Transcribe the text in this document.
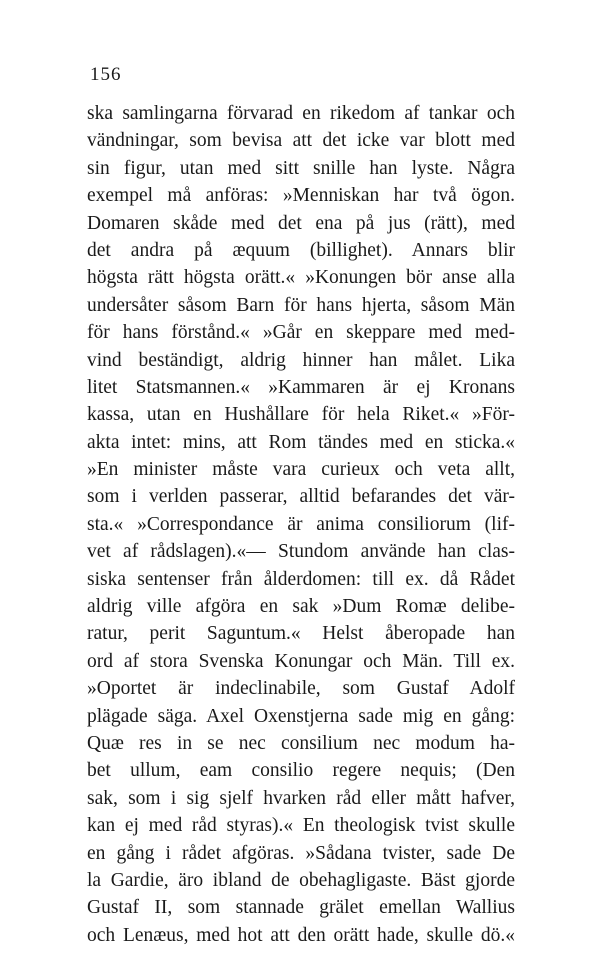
156
ska samlingarna förvarad en rikedom af tankar och
vändningar, som bevisa att det icke var blott med
sin figur, utan med sitt snille han lyste. Några
exempel må anföras: »Menniskan har två ögon.
Domaren skåde med det ena på jus (rätt), med
det andra på æquum (billighet). Annars blir
högsta rätt högsta orätt.« »Konungen bör anse alla
undersåter såsom Barn för hans hjerta, såsom Män
för hans förstånd.« »Går en skeppare med med-
vind beständigt, aldrig hinner han målet. Lika
litet Statsmannen.« »Kammaren är ej Kronans
kassa, utan en Hushållare för hela Riket.« »För-
akta intet: mins, att Rom tändes med en sticka.«
»En minister måste vara curieux och veta allt,
som i verlden passerar, alltid befarandes det vär-
sta.« »Correspondance är anima consiliorum (lif-
vet af rådslagen).«— Stundom använde han clas-
siska sentenser från ålderdomen: till ex. då Rådet
aldrig ville afgöra en sak »Dum Romæ delibe-
ratur, perit Saguntum.« Helst åberopade han
ord af stora Svenska Konungar och Män. Till ex.
»Oportet är indeclinabile, som Gustaf Adolf
plägade säga. Axel Oxenstjerna sade mig en gång:
Quæ res in se nec consilium nec modum ha-
bet ullum, eam consilio regere nequis; (Den
sak, som i sig sjelf hvarken råd eller mått hafver,
kan ej med råd styras).« En theologisk tvist skulle
en gång i rådet afgöras. »Sådana tvister, sade De
la Gardie, äro ibland de obehagligaste. Bäst gjorde
Gustaf II, som stannade grälet emellan Wallius
och Lenæus, med hot att den orätt hade, skulle dö.«
